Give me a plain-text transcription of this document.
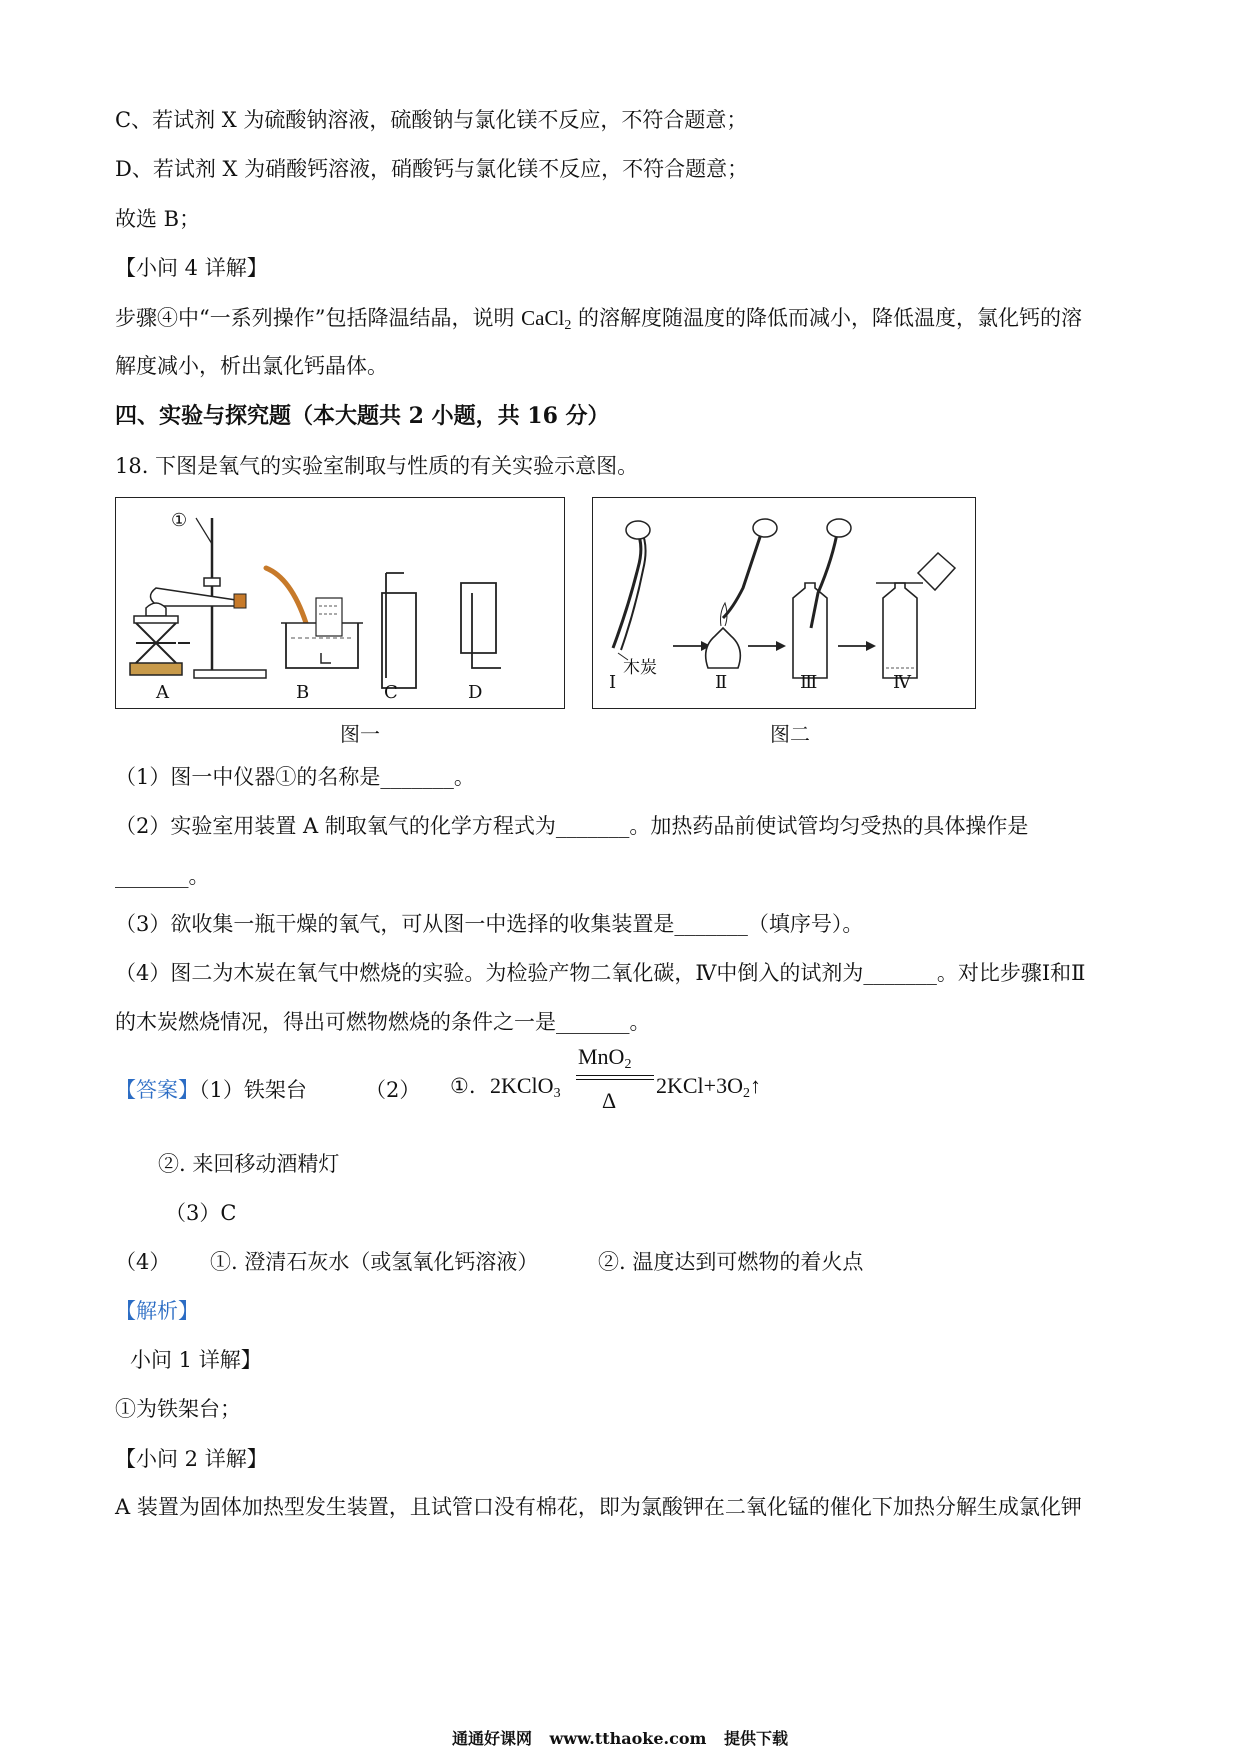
C、若试剂 X 为硫酸钠溶液，硫酸钠与氯化镁不反应，不符合题意；
D、若试剂 X 为硝酸钙溶液，硝酸钙与氯化镁不反应，不符合题意；
故选 B；
【小问 4 详解】
步骤④中“一系列操作”包括降温结晶，说明 CaCl$_2$ 的溶解度随温度的降低而减小，降低温度，氯化钙的溶
解度减小，析出氯化钙晶体。
四、实验与探究题（本大题共 2 小题，共 16 分）
18. 下图是氧气的实验室制取与性质的有关实验示意图。
①
A	B	C	D
图一
木炭
Ⅰ	Ⅱ	Ⅲ	Ⅳ
图二
（1）图一中仪器①的名称是_______。
（2）实验室用装置 A 制取氧气的化学方程式为_______。加热药品前使试管均匀受热的具体操作是
_______。
（3）欲收集一瓶干燥的氧气，可从图一中选择的收集装置是_______（填序号）。
（4）图二为木炭在氧气中燃烧的实验。为检验产物二氧化碳，Ⅳ中倒入的试剂为_______。对比步骤Ⅰ和Ⅱ
的木炭燃烧情况，得出可燃物燃烧的条件之一是_______。
【答案】（1）铁架台	（2） ①. 2KClO$_3$
MnO$_2$
Δ
$2KCl+3O_2↑$
②. 来回移动酒精灯
（3）C
（4） ①. 澄清石灰水（或氢氧化钙溶液）	②. 温度达到可燃物的着火点
【解析】
小问 1 详解】
①为铁架台；
【小问 2 详解】
A 装置为固体加热型发生装置，且试管口没有棉花，即为氯酸钾在二氧化锰的催化下加热分解生成氯化钾
通通好课网 www.tthaoke.com 提供下载
